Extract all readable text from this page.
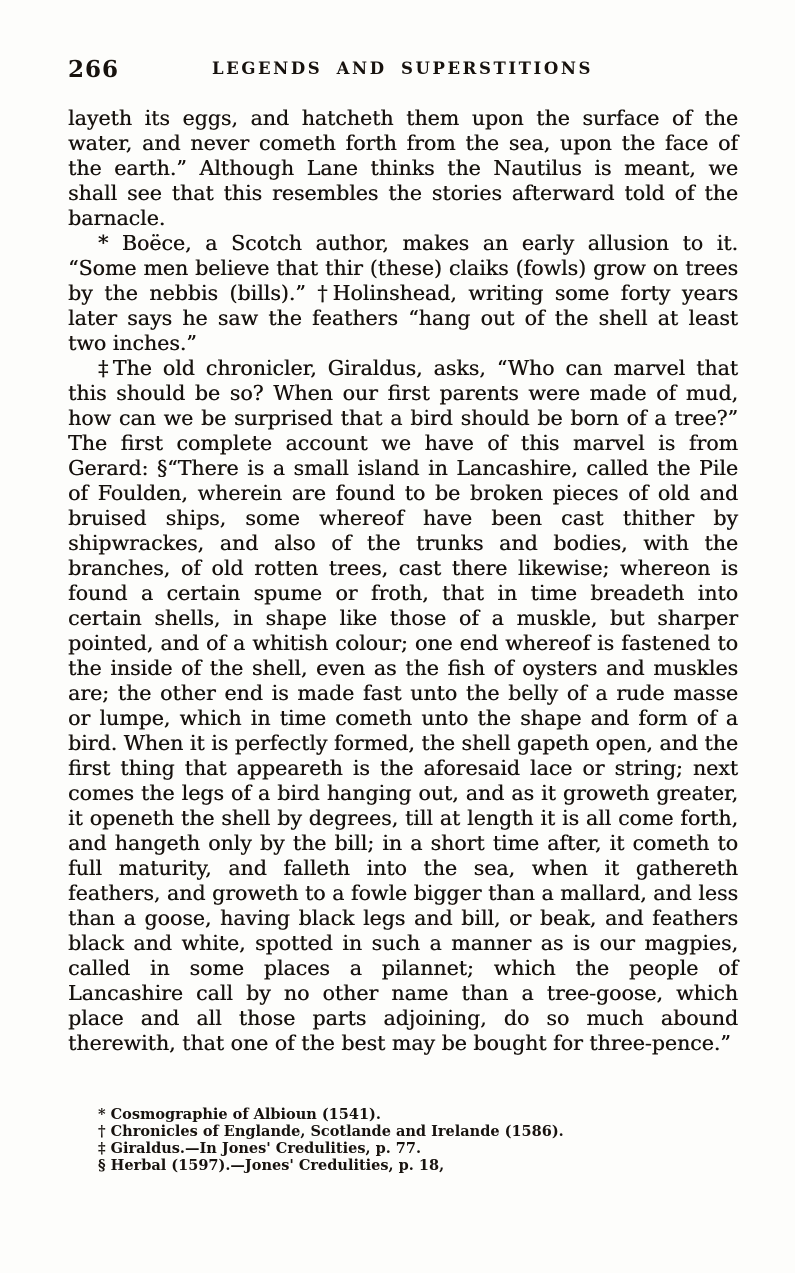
266	LEGENDS AND SUPERSTITIONS

layeth its eggs, and hatcheth them upon the surface of the water, and never cometh forth from the sea, upon the face of the earth.” Although Lane thinks the Nautilus is meant, we shall see that this resembles the stories afterward told of the barnacle.

* Boëce, a Scotch author, makes an early allusion to it. “Some men believe that thir (these) claiks (fowls) grow on trees by the nebbis (bills).” †Holinshead, writing some forty years later says he saw the feathers “hang out of the shell at least two inches.”

‡The old chronicler, Giraldus, asks, “Who can marvel that this should be so? When our first parents were made of mud, how can we be surprised that a bird should be born of a tree?” The first complete account we have of this marvel is from Gerard: §“There is a small island in Lancashire, called the Pile of Foulden, wherein are found to be broken pieces of old and bruised ships, some whereof have been cast thither by shipwrackes, and also of the trunks and bodies, with the branches, of old rotten trees, cast there likewise; whereon is found a certain spume or froth, that in time breadeth into certain shells, in shape like those of a muskle, but sharper pointed, and of a whitish colour; one end whereof is fastened to the inside of the shell, even as the fish of oysters and muskles are; the other end is made fast unto the belly of a rude masse or lumpe, which in time cometh unto the shape and form of a bird. When it is perfectly formed, the shell gapeth open, and the first thing that appeareth is the aforesaid lace or string; next comes the legs of a bird hanging out, and as it groweth greater, it openeth the shell by degrees, till at length it is all come forth, and hangeth only by the bill; in a short time after, it cometh to full maturity, and falleth into the sea, when it gathereth feathers, and groweth to a fowle bigger than a mallard, and less than a goose, having black legs and bill, or beak, and feathers black and white, spotted in such a manner as is our magpies, called in some places a pilannet; which the people of Lancashire call by no other name than a tree-goose, which place and all those parts adjoining, do so much abound therewith, that one of the best may be bought for three-pence.”

* Cosmographie of Albioun (1541).

† Chronicles of Englande, Scotlande and Irelande (1586).

‡ Giraldus.—In Jones' Credulities, p. 77.

§ Herbal (1597).—Jones' Credulities, p. 18,
